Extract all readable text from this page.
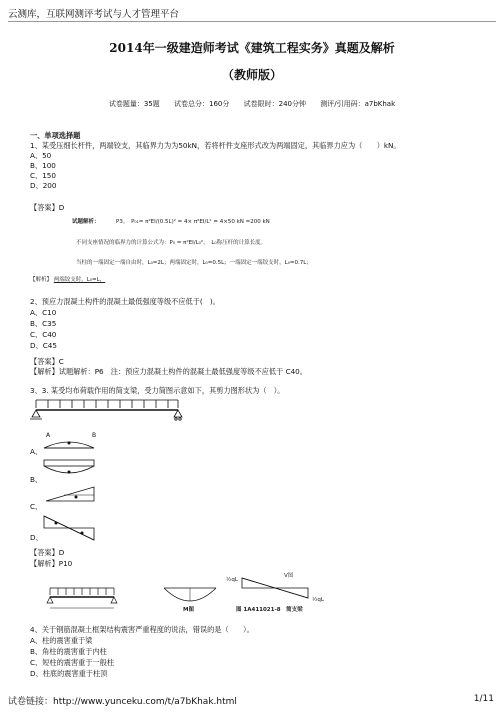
云测库，互联网测评考试与人才管理平台
2014年一级建造师考试《建筑工程实务》真题及解析
（教师版）
试卷题量：35题 试卷总分：160分 试卷限时：240分钟 测评/引用码：a7bKhak
一、单项选择题
1、某受压细长杆件，两端铰支，其临界力为为50kN，若将杆件支座形式改为两端固定，其临界力应为（　　）kN。
A、50
B、100
C、150
D、200
【答案】D
试题解析：	P3。　P₀₁= π²EI/(0.5L)² = 4× π²EI/L² = 4×50 kN =200 kN
不同支座情况的临界力的计算公式为：P₀ = π²EI/L₀²，　L₀称压杆的计算长度。
当柱的一端固定一端自由时，L₀=2L；两端固定时，L₀=0.5L；一端固定一端铰支时，L₀=0.7L；
【解析】 两端铰支时，L₀=L，
2、预应力混凝土构件的混凝土最低强度等级不应低于(　)。
A、C10
B、C35
C、C40
D、C45
【答案】C
【解析】试题解析：P6　注：预应力混凝土构件的混凝土最低强度等级不应低于 C40。
3、3. 某受均布荷载作用的简支梁，受力简图示意如下，其剪力图形状为（　）。
A	B
A、
B、
C、
D、
【答案】D
【解析】P10
M图
½qL
V图
½qL
图 1A411021-8　简支梁
4、关于钢筋混凝土框架结构震害严重程度的说法，错误的是（　　）。
A、柱的震害重于梁
B、角柱的震害重于内柱
C、短柱的震害重于一般柱
D、柱底的震害重于柱顶
试卷链接：http://www.yunceku.com/t/a7bKhak.html	1/11
